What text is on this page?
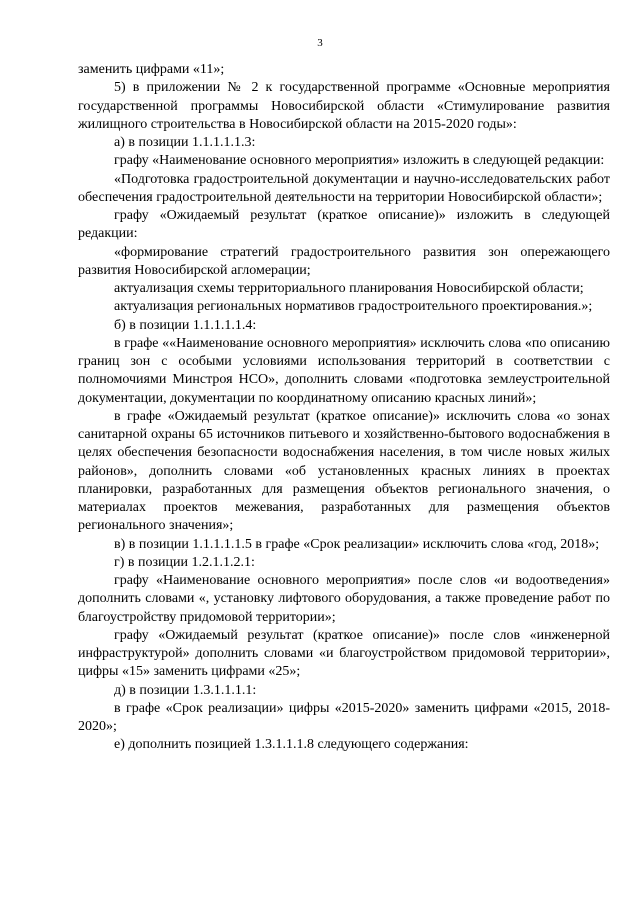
3

заменить цифрами «11»;

5) в приложении № 2 к государственной программе «Основные мероприятия государственной программы Новосибирской области «Стимулирование развития жилищного строительства в Новосибирской области на 2015-2020 годы»:

а) в позиции 1.1.1.1.1.3:

графу «Наименование основного мероприятия» изложить в следующей редакции:

«Подготовка градостроительной документации и научно-исследовательских работ обеспечения градостроительной деятельности на территории Новосибирской области»;

графу «Ожидаемый результат (краткое описание)» изложить в следующей редакции:

«формирование стратегий градостроительного развития зон опережающего развития Новосибирской агломерации;

актуализация схемы территориального планирования Новосибирской области;

актуализация региональных нормативов градостроительного проектирования.»;

б) в позиции 1.1.1.1.1.4:

в графе ««Наименование основного мероприятия» исключить слова «по описанию границ зон с особыми условиями использования территорий в соответствии с полномочиями Минстроя НСО», дополнить словами «подготовка землеустроительной документации, документации по координатному описанию красных линий»;

в графе «Ожидаемый результат (краткое описание)» исключить слова «о зонах санитарной охраны 65 источников питьевого и хозяйственно-бытового водоснабжения в целях обеспечения безопасности водоснабжения населения, в том числе новых жилых районов», дополнить словами «об установленных красных линиях в проектах планировки, разработанных для размещения объектов регионального значения, о материалах проектов межевания, разработанных для размещения объектов регионального значения»;

в) в позиции 1.1.1.1.1.5 в графе «Срок реализации» исключить слова «год, 2018»;

г) в позиции 1.2.1.1.2.1:

графу «Наименование основного мероприятия» после слов «и водоотведения» дополнить словами «, установку лифтового оборудования, а также проведение работ по благоустройству придомовой территории»;

графу «Ожидаемый результат (краткое описание)» после слов «инженерной инфраструктурой» дополнить словами «и благоустройством придомовой территории», цифры «15» заменить цифрами «25»;

д) в позиции 1.3.1.1.1.1:

в графе «Срок реализации» цифры «2015-2020» заменить цифрами «2015, 2018-2020»;

е) дополнить позицией 1.3.1.1.1.8 следующего содержания:
